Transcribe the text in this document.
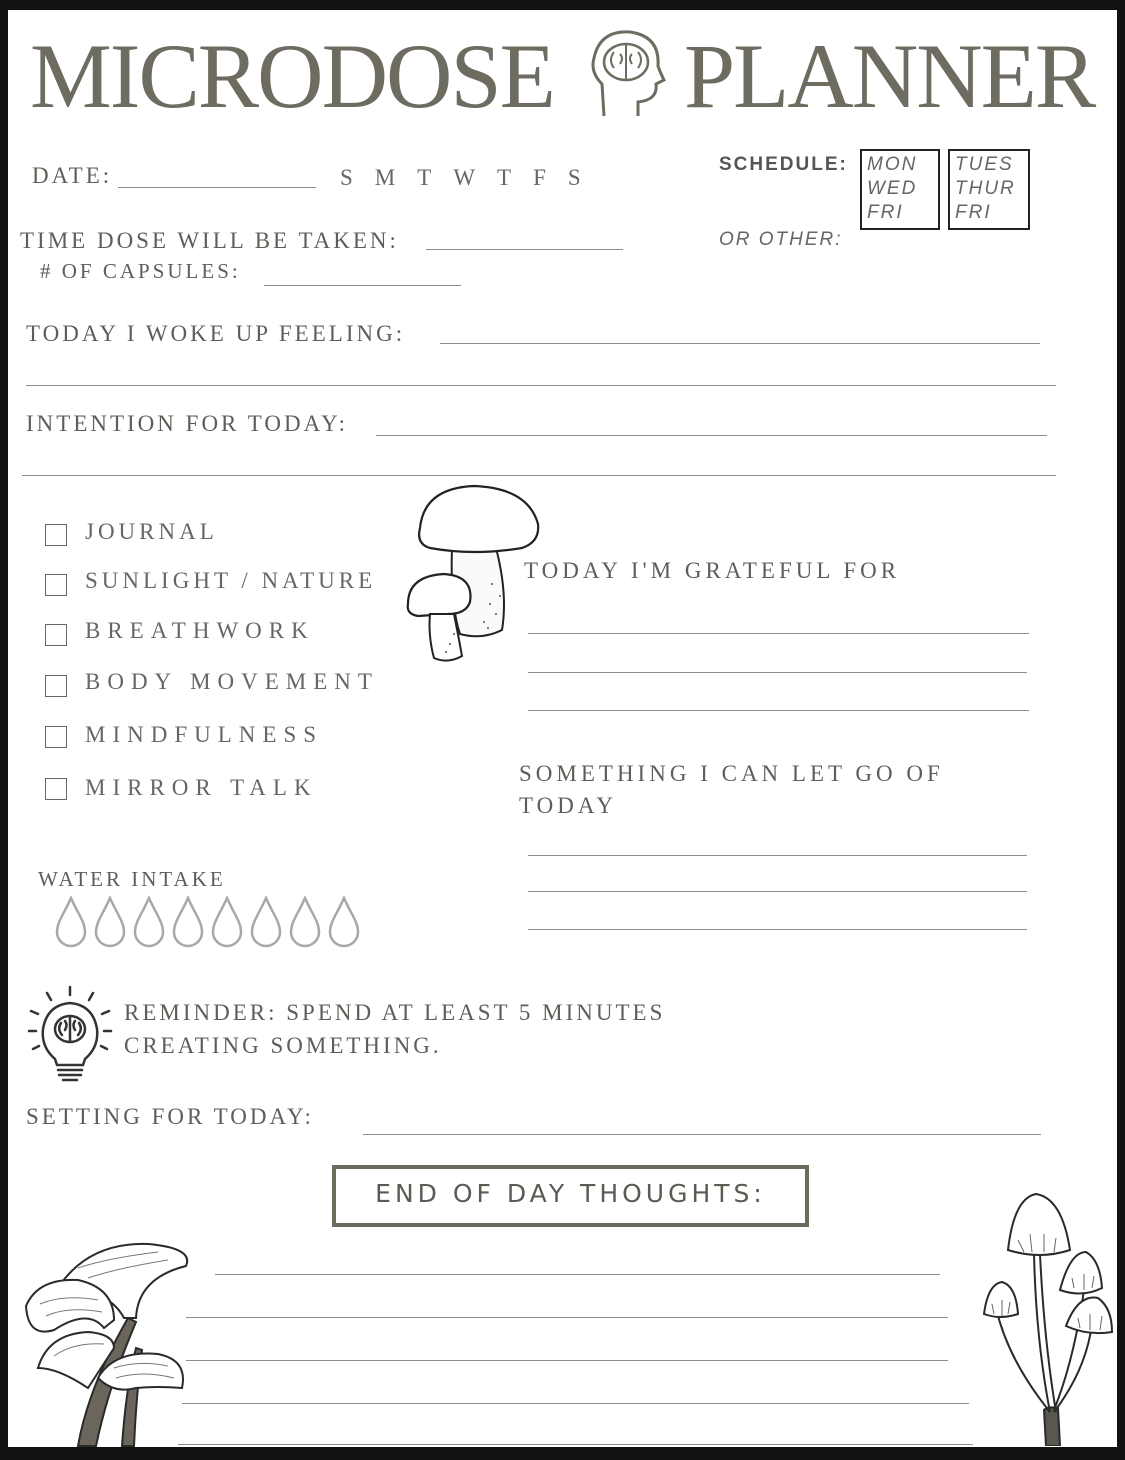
MICRODOSE PLANNER
DATE:	S M T W T F S
SCHEDULE: MON
WED
FRI
TUES
THUR
FRI
OR OTHER:
TIME DOSE WILL BE TAKEN:
# OF CAPSULES:
TODAY I WOKE UP FEELING:
INTENTION FOR TODAY:
JOURNAL
SUNLIGHT / NATURE
BREATHWORK
BODY MOVEMENT
MINDFULNESS
MIRROR TALK
TODAY I'M GRATEFUL FOR
SOMETHING I CAN LET GO OF
TODAY
WATER INTAKE
REMINDER: SPEND AT LEAST 5 MINUTES
CREATING SOMETHING.
SETTING FOR TODAY:
END OF DAY THOUGHTS:
